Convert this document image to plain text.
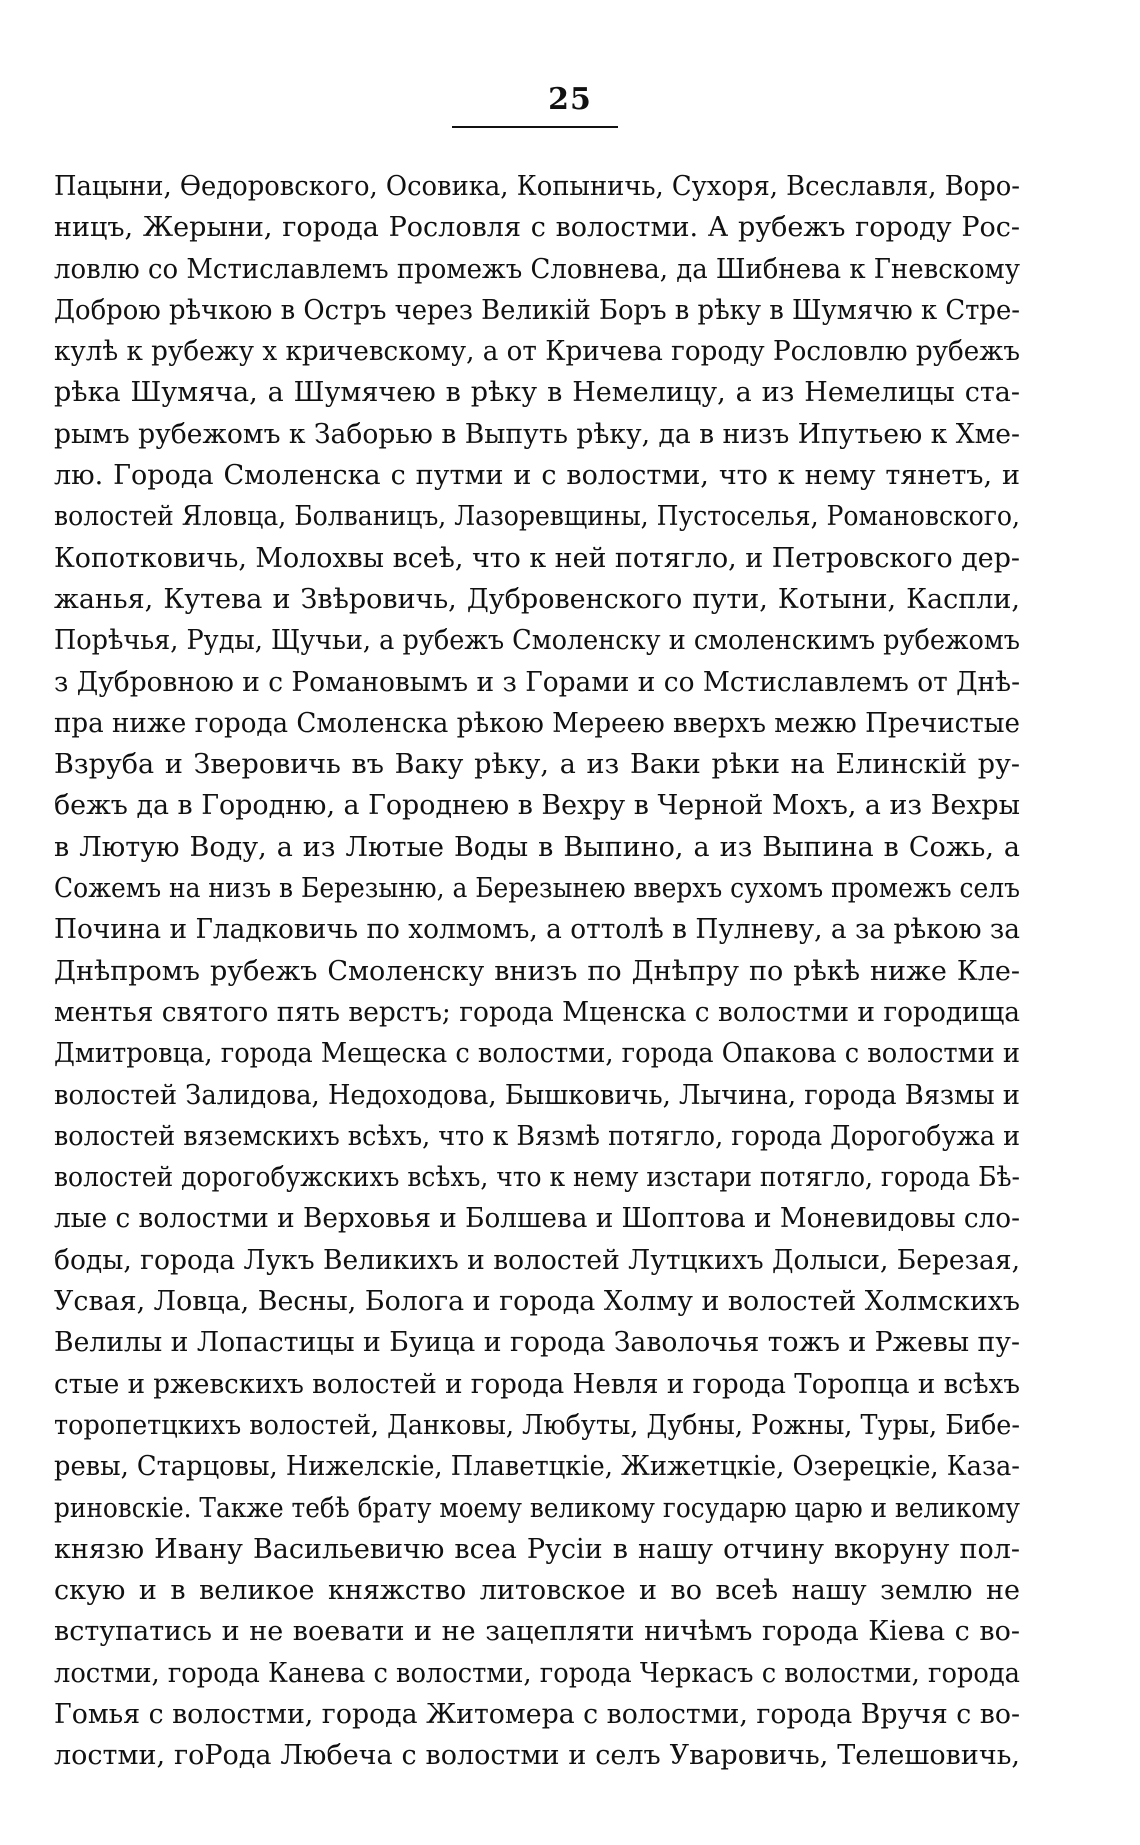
25
Пацыни, Өедоровского, Осовика, Копыничь, Сухоря, Всеславля, Воро-
ницъ, Жерыни, города Рословля с волостми. А рубежъ городу Рос-
ловлю со Мстиславлемъ промежъ Словнева, да Шибнева к Гневскому
Доброю рѣчкою в Остръ через Великій Боръ в рѣку в Шумячю к Стре-
кулѣ к рубежу х кричевскому, а от Кричева городу Рословлю рубежъ
рѣка Шумяча, а Шумячею в рѣку в Немелицу, а из Немелицы ста-
рымъ рубежомъ к Заборью в Выпуть рѣку, да в низъ Ипутьею к Хме-
лю. Города Смоленска с путми и с волостми, что к нему тянетъ, и
волостей Яловца, Болваницъ, Лазоревщины, Пустоселья, Романовского,
Копотковичь, Молохвы всеѣ, что к ней потягло, и Петровского дер-
жанья, Кутева и Звѣровичь, Дубровенского пути, Котыни, Каспли,
Порѣчья, Руды, Щучьи, а рубежъ Смоленску и смоленскимъ рубежомъ
з Дубровною и с Романовымъ и з Горами и со Мстиславлемъ от Днѣ-
пра ниже города Смоленска рѣкою Мереею вверхъ межю Пречистые
Взруба и Зверовичь въ Ваку рѣку, а из Ваки рѣки на Елинскій ру-
бежъ да в Городню, а Городнею в Вехру в Черной Мохъ, а из Вехры
в Лютую Воду, а из Лютые Воды в Выпино, а из Выпина в Сожь, а
Сожемъ на низъ в Березыню, а Березынею вверхъ сухомъ промежъ селъ
Почина и Гладковичь по холмомъ, а оттолѣ в Пулневу, а за рѣкою за
Днѣпромъ рубежъ Смоленску внизъ по Днѣпру по рѣкѣ ниже Кле-
ментья святого пять верстъ; города Мценска с волостми и городища
Дмитровца, города Мещеска с волостми, города Опакова с волостми и
волостей Залидова, Недоходова, Бышковичь, Лычина, города Вязмы и
волостей вяземскихъ всѣхъ, что к Вязмѣ потягло, города Дорогобужа и
волостей дорогобужскихъ всѣхъ, что к нему изстари потягло, города Бѣ-
лые с волостми и Верховья и Болшева и Шоптова и Моневидовы сло-
боды, города Лукъ Великихъ и волостей Лутцкихъ Долыси, Березая,
Усвая, Ловца, Весны, Болога и города Холму и волостей Холмскихъ
Велилы и Лопастицы и Буица и города Заволочья тожъ и Ржевы пу-
стые и ржевскихъ волостей и города Невля и города Торопца и всѣхъ
торопетцкихъ волостей, Данковы, Любуты, Дубны, Рожны, Туры, Бибе-
ревы, Старцовы, Нижелскіе, Плаветцкіе, Жижетцкіе, Озерецкіе, Каза-
риновскіе. Также тебѣ брату моему великому государю царю и великому
князю Ивану Васильевичю всеа Русіи в нашу отчину вкоруну пол-
скую и в великое княжство литовское и во всеѣ нашу землю не
вступатись и не воевати и не зацепляти ничѣмъ города Кіева с во-
лостми, города Канева с волостми, города Черкасъ с волостми, города
Гомья с волостми, города Житомера с волостми, города Вручя с во-
лостми, гоРода Любеча с волостми и селъ Уваровичь, Телешовичь,
